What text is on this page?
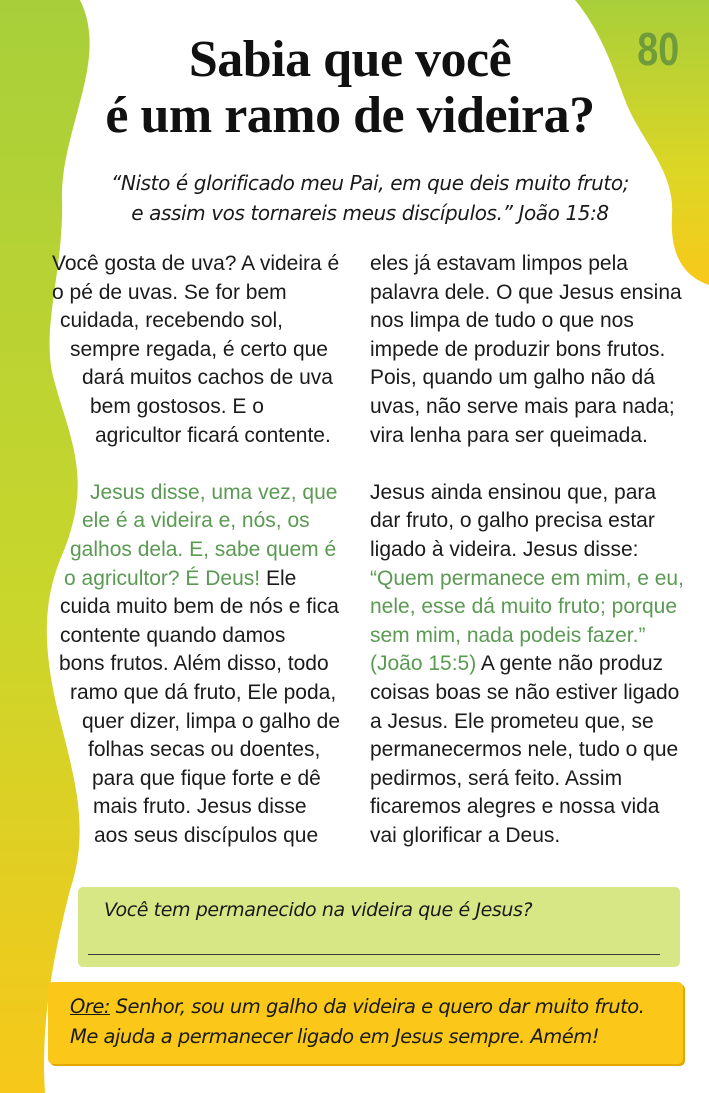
80
Sabia que você
é um ramo de videira?

“Nisto é glorificado meu Pai, em que deis muito fruto;
e assim vos tornareis meus discípulos.” João 15:8

Você gosta de uva? A videira é
o pé de uvas. Se for bem
cuidada, recebendo sol,
sempre regada, é certo que
dará muitos cachos de uva
bem gostosos. E o
agricultor ficará contente.
Jesus disse, uma vez, que
ele é a videira e, nós, os
galhos dela. E, sabe quem é
o agricultor? É Deus! Ele
cuida muito bem de nós e fica
contente quando damos
bons frutos. Além disso, todo
ramo que dá fruto, Ele poda,
quer dizer, limpa o galho de
folhas secas ou doentes,
para que fique forte e dê
mais fruto. Jesus disse
aos seus discípulos que
eles já estavam limpos pela
palavra dele. O que Jesus ensina
nos limpa de tudo o que nos
impede de produzir bons frutos.
Pois, quando um galho não dá
uvas, não serve mais para nada;
vira lenha para ser queimada.
Jesus ainda ensinou que, para
dar fruto, o galho precisa estar
ligado à videira. Jesus disse:
“Quem permanece em mim, e eu,
nele, esse dá muito fruto; porque
sem mim, nada podeis fazer.”
(João 15:5) A gente não produz
coisas boas se não estiver ligado
a Jesus. Ele prometeu que, se
permanecermos nele, tudo o que
pedirmos, será feito. Assim
ficaremos alegres e nossa vida
vai glorificar a Deus.

Você tem permanecido na videira que é Jesus?

Ore: Senhor, sou um galho da videira e quero dar muito fruto.
Me ajuda a permanecer ligado em Jesus sempre. Amém!
